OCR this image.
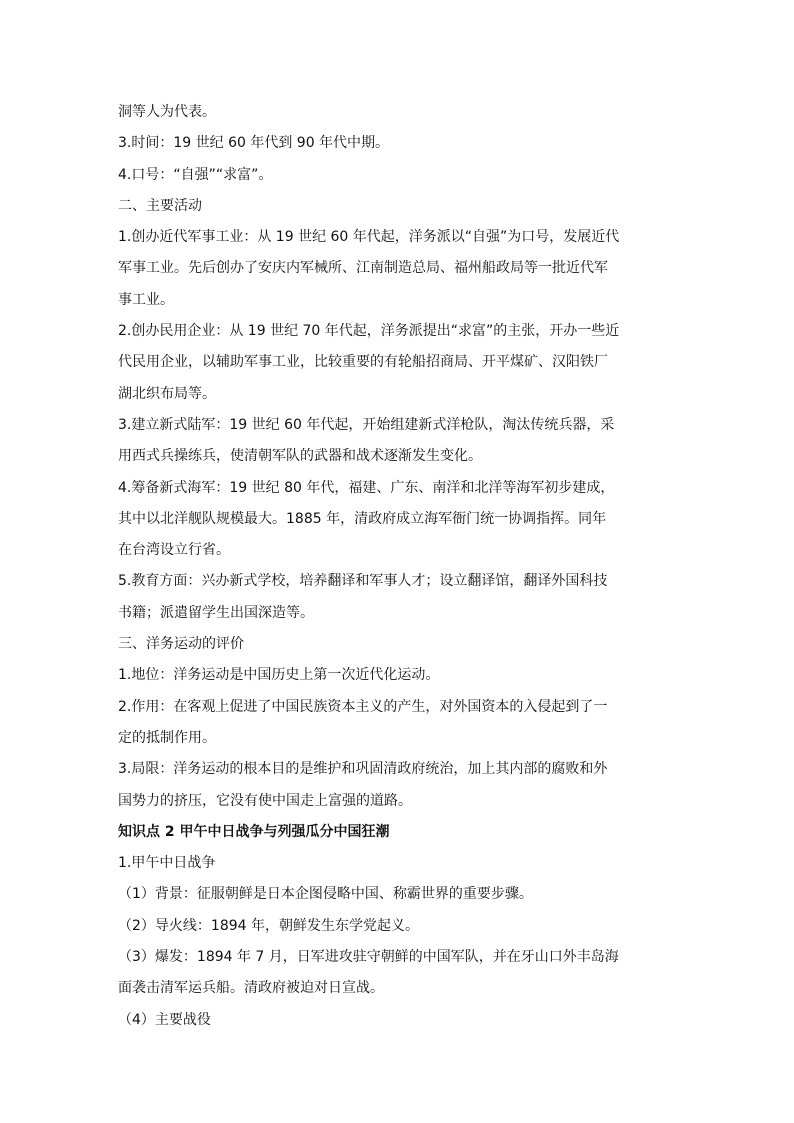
洞等人为代表。
3.时间：19 世纪 60 年代到 90 年代中期。
4.口号：“自强”“求富”。
二、主要活动
1.创办近代军事工业：从 19 世纪 60 年代起，洋务派以“自强”为口号，发展近代
军事工业。先后创办了安庆内军械所、江南制造总局、福州船政局等一批近代军
事工业。
2.创办民用企业：从 19 世纪 70 年代起，洋务派提出“求富”的主张，开办一些近
代民用企业，以辅助军事工业，比较重要的有轮船招商局、开平煤矿、汉阳铁厂
湖北织布局等。
3.建立新式陆军：19 世纪 60 年代起，开始组建新式洋枪队，淘汰传统兵器，采
用西式兵操练兵，使清朝军队的武器和战术逐渐发生变化。
4.筹备新式海军：19 世纪 80 年代，福建、广东、南洋和北洋等海军初步建成，
其中以北洋舰队规模最大。1885 年，清政府成立海军衙门统一协调指挥。同年
在台湾设立行省。
5.教育方面：兴办新式学校，培养翻译和军事人才；设立翻译馆，翻译外国科技
书籍；派遣留学生出国深造等。
三、洋务运动的评价
1.地位：洋务运动是中国历史上第一次近代化运动。
2.作用：在客观上促进了中国民族资本主义的产生，对外国资本的入侵起到了一
定的抵制作用。
3.局限：洋务运动的根本目的是维护和巩固清政府统治，加上其内部的腐败和外
国势力的挤压，它没有使中国走上富强的道路。
知识点 2 甲午中日战争与列强瓜分中国狂潮
1.甲午中日战争
（1）背景：征服朝鲜是日本企图侵略中国、称霸世界的重要步骤。
（2）导火线：1894 年，朝鲜发生东学党起义。
（3）爆发：1894 年 7 月，日军进攻驻守朝鲜的中国军队，并在牙山口外丰岛海
面袭击清军运兵船。清政府被迫对日宣战。
（4）主要战役
